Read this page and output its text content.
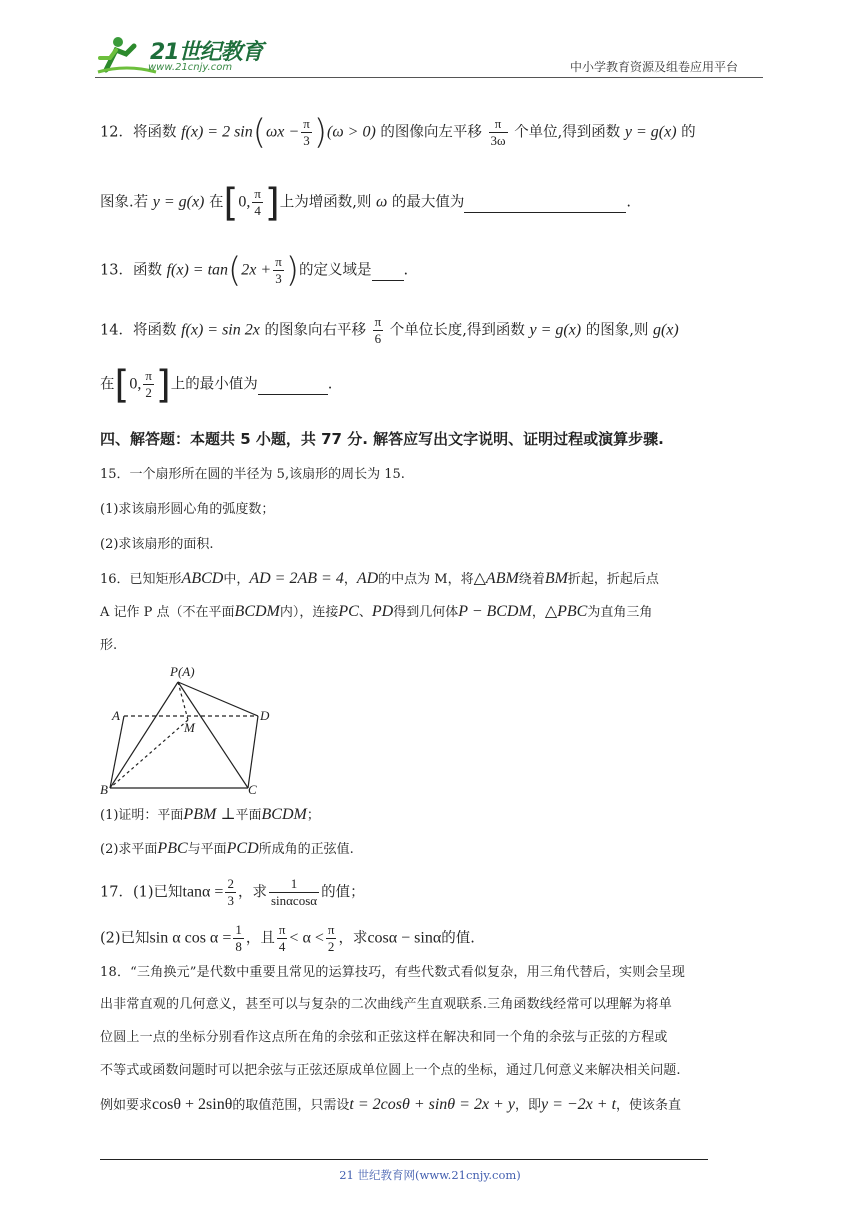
21世纪教育
www.21cnjy.com	中小学教育资源及组卷应用平台
12．将函数 f(x) = 2 $\sin(\omega x - \frac{\pi}{3} )(\omega > 0)$ 的图像向左平移 $\frac{\pi}{3\omega}$ 个单位,得到函数 y = g(x) 的
图象.若 y = g(x) 在[0, $\frac{\pi}{4}$ ]上为增函数,则 ω 的最大值为	.
13．函数 $f(x) = \tan(2x + \frac{\pi}{3}$ )的定义域是 .
14．将函数 f(x) = sin 2x 的图象向右平移 $\frac{\pi}{6}$ 个单位长度,得到函数 y = g(x) 的图象,则 g(x)
在[0, $\frac{\pi}{2}$ ]上的最小值为	.
四、解答题：本题共 5 小题，共 77 分. 解答应写出文字说明、证明过程或演算步骤.
15．一个扇形所在圆的半径为 5,该扇形的周长为 15.
(1)求该扇形圆心角的弧度数；
(2)求该扇形的面积.
16．已知矩形ABCD中，AD = 2AB = 4，AD的中点为 M，将△ABM绕着BM折起，折起后点
A 记作 P 点（不在平面BCDM内），连接PC、PD得到几何体P − BCDM，△PBC为直角三角
形.
P(A)
A	D
M
B	C
(1)证明：平面PBM ⊥平面BCDM；
(2)求平面PBC与平面PCD所成角的正弦值.
17．(1)已知$\tan\alpha = \frac{2}{3}$ ，求 $\frac{1}{\sin\alpha\cos\alpha}$ 的值；
(2)已知sin α $\cos \alpha = \frac{1}{8}$ ，且 $\frac{\pi}{4} < \alpha < \frac{\pi}{2}$ ，求cosα − sinα的值.
18．“三角换元”是代数中重要且常见的运算技巧，有些代数式看似复杂，用三角代替后，实则会呈现
出非常直观的几何意义，甚至可以与复杂的二次曲线产生直观联系.三角函数线经常可以理解为将单
位圆上一点的坐标分别看作这点所在角的余弦和正弦这样在解决和同一个角的余弦与正弦的方程或
不等式或函数问题时可以把余弦与正弦还原成单位圆上一个点的坐标，通过几何意义来解决相关问题.
例如要求cosθ + 2sinθ的取值范围，只需设t = 2cosθ + sinθ = 2x + y，即y = −2x + t，使该条直
21 世纪教育网(www.21cnjy.com)
